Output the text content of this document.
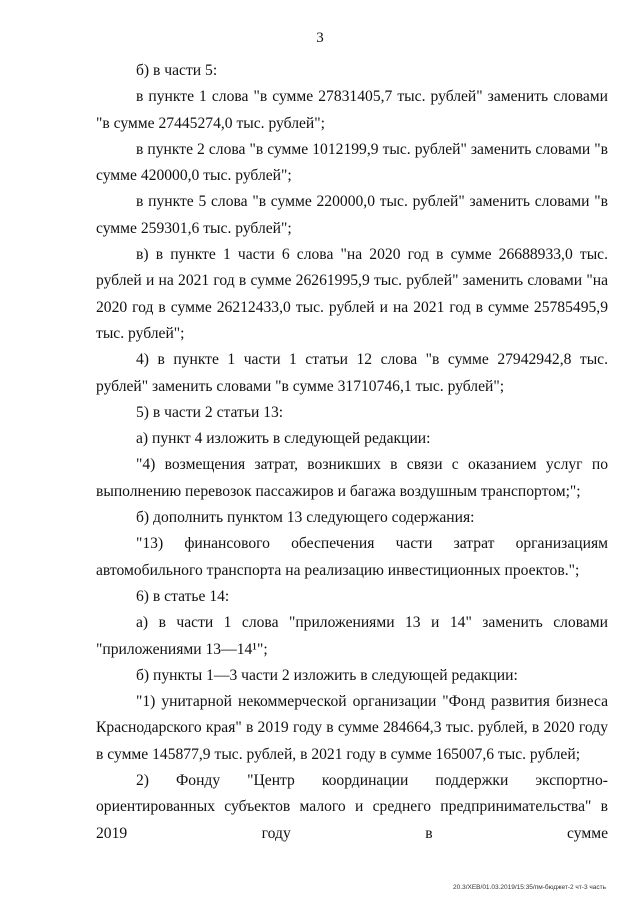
3

б) в части 5:

в пункте 1 слова "в сумме 27831405,7 тыс. рублей" заменить словами "в сумме 27445274,0 тыс. рублей";

в пункте 2 слова "в сумме 1012199,9 тыс. рублей" заменить словами "в сумме 420000,0 тыс. рублей";

в пункте 5 слова "в сумме 220000,0 тыс. рублей" заменить словами "в сумме 259301,6 тыс. рублей";

в) в пункте 1 части 6 слова "на 2020 год в сумме 26688933,0 тыс. рублей и на 2021 год в сумме 26261995,9 тыс. рублей" заменить словами "на 2020 год в сумме 26212433,0 тыс. рублей и на 2021 год в сумме 25785495,9 тыс. рублей";

4) в пункте 1 части 1 статьи 12 слова "в сумме 27942942,8 тыс. рублей" заменить словами "в сумме 31710746,1 тыс. рублей";

5) в части 2 статьи 13:

а) пункт 4 изложить в следующей редакции:

"4) возмещения затрат, возникших в связи с оказанием услуг по выполнению перевозок пассажиров и багажа воздушным транспортом;";

б) дополнить пунктом 13 следующего содержания:

"13) финансового обеспечения части затрат организациям автомобильного транспорта на реализацию инвестиционных проектов.";

6) в статье 14:

а) в части 1 слова "приложениями 13 и 14" заменить словами "приложениями 13—14¹";

б) пункты 1—3 части 2 изложить в следующей редакции:

"1) унитарной некоммерческой организации "Фонд развития бизнеса Краснодарского края" в 2019 году в сумме 284664,3 тыс. рублей, в 2020 году в сумме 145877,9 тыс. рублей, в 2021 году в сумме 165007,6 тыс. рублей;

2) Фонду "Центр координации поддержки экспортно-ориентированных субъектов малого и среднего предпринимательства" в 2019 году в сумме

20.3/ХЕВ/01.03.2019/15:35/пм-бюджет-2 чт-3 часть
